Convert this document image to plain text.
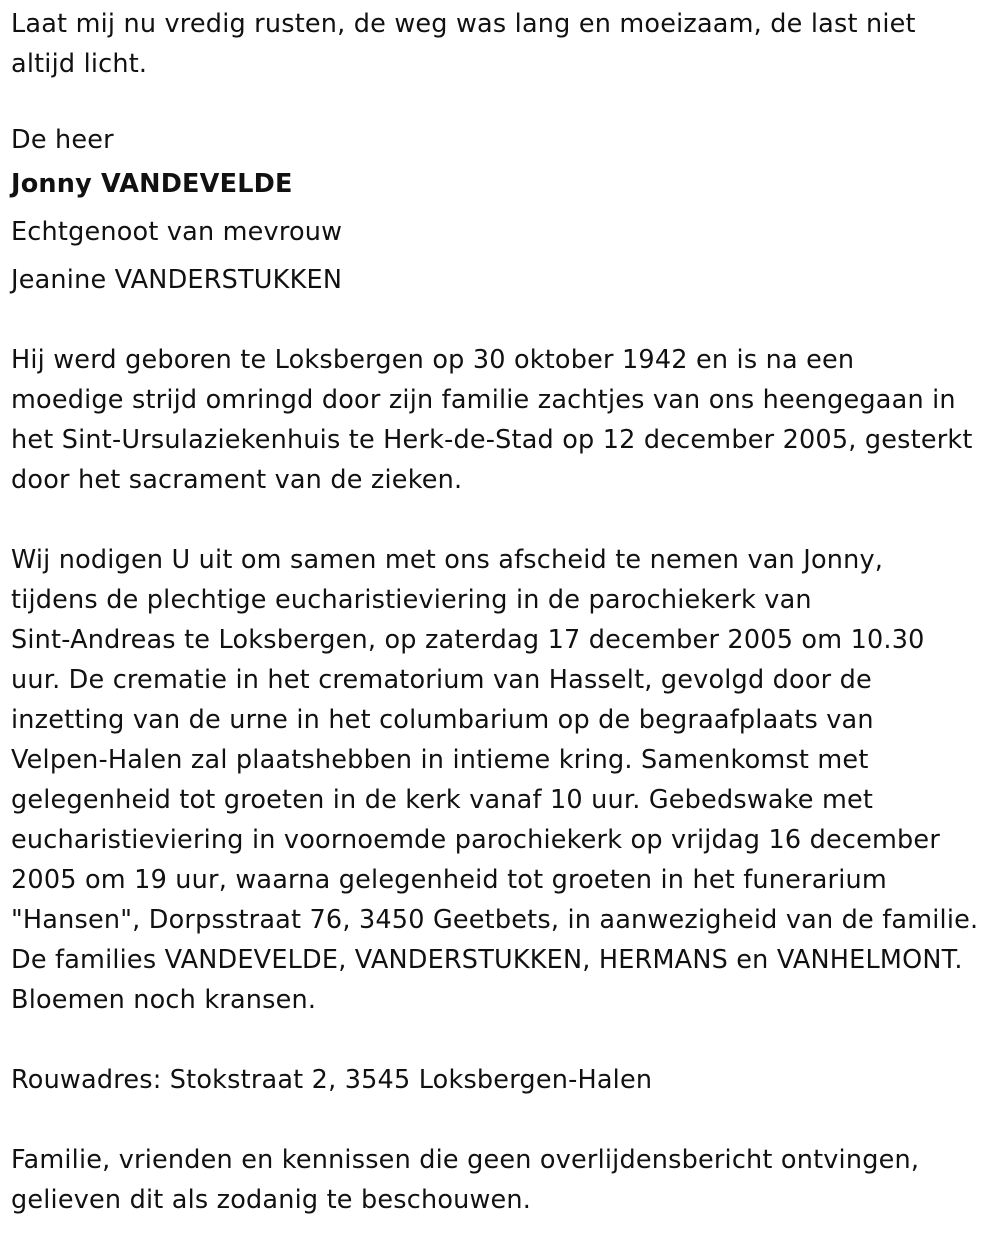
Laat mij nu vredig rusten, de weg was lang en moeizaam, de last niet

altijd licht.

De heer

Jonny VANDEVELDE

Echtgenoot van mevrouw

Jeanine VANDERSTUKKEN

Hij werd geboren te Loksbergen op 30 oktober 1942 en is na een

moedige strijd omringd door zijn familie zachtjes van ons heengegaan in

het Sint-Ursulaziekenhuis te Herk-de-Stad op 12 december 2005, gesterkt

door het sacrament van de zieken.

Wij nodigen U uit om samen met ons afscheid te nemen van Jonny,

tijdens de plechtige eucharistieviering in de parochiekerk van

Sint-Andreas te Loksbergen, op zaterdag 17 december 2005 om 10.30

uur. De crematie in het crematorium van Hasselt, gevolgd door de

inzetting van de urne in het columbarium op de begraafplaats van

Velpen-Halen zal plaatshebben in intieme kring. Samenkomst met

gelegenheid tot groeten in de kerk vanaf 10 uur. Gebedswake met

eucharistieviering in voornoemde parochiekerk op vrijdag 16 december

2005 om 19 uur, waarna gelegenheid tot groeten in het funerarium

"Hansen", Dorpsstraat 76, 3450 Geetbets, in aanwezigheid van de familie.

De families VANDEVELDE, VANDERSTUKKEN, HERMANS en VANHELMONT.

Bloemen noch kransen.

Rouwadres: Stokstraat 2, 3545 Loksbergen-Halen

Familie, vrienden en kennissen die geen overlijdensbericht ontvingen,

gelieven dit als zodanig te beschouwen.
